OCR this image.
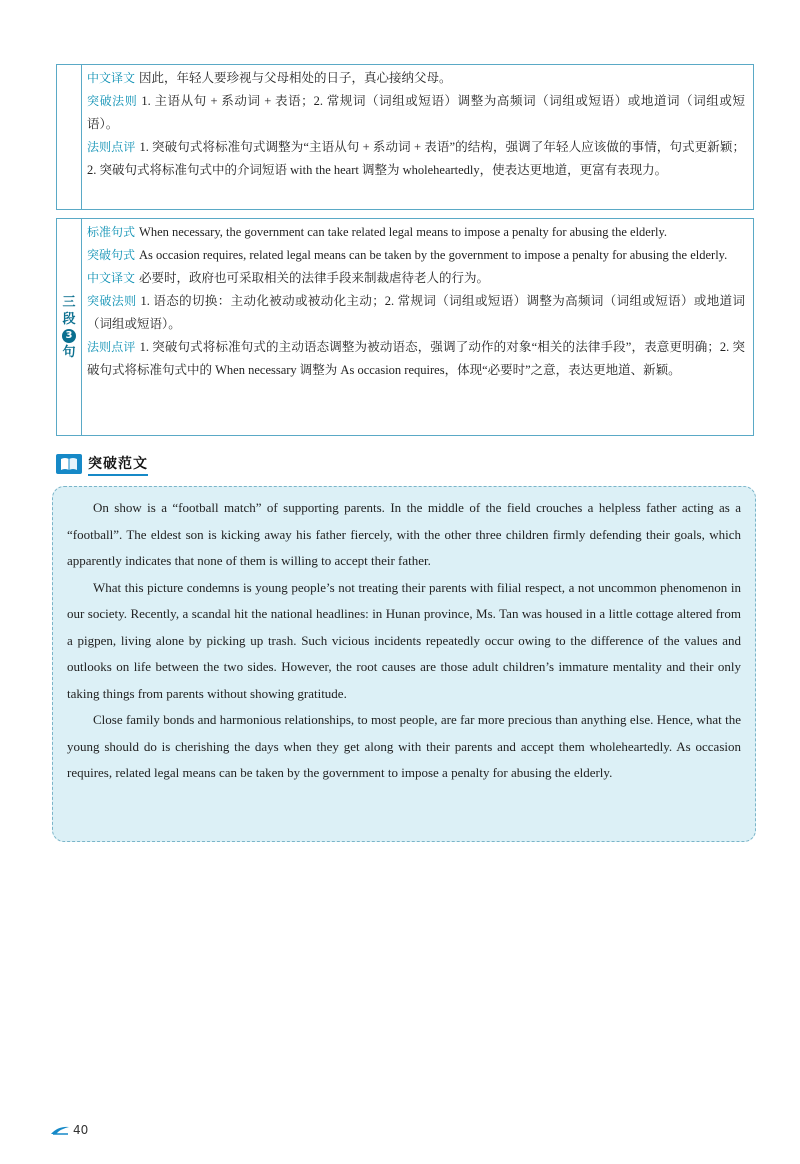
中文译文 因此，年轻人要珍视与父母相处的日子，真心接纳父母。

突破法则 1. 主语从句 + 系动词 + 表语；2. 常规词（词组或短语）调整为高频词（词组或短语）或地道词（词组或短语）。

法则点评 1. 突破句式将标准句式调整为“主语从句 + 系动词 + 表语”的结构，强调了年轻人应该做的事情，句式更新颖；2. 突破句式将标准句式中的介词短语 with the heart 调整为 wholeheartedly，使表达更地道，更富有表现力。

三
段
3
句

标准句式 When necessary, the government can take related legal means to impose a penalty for abusing the elderly.

突破句式 As occasion requires, related legal means can be taken by the government to impose a penalty for abusing the elderly.

中文译文 必要时，政府也可采取相关的法律手段来制裁虐待老人的行为。

突破法则 1. 语态的切换：主动化被动或被动化主动；2. 常规词（词组或短语）调整为高频词（词组或短语）或地道词（词组或短语）。

法则点评 1. 突破句式将标准句式的主动语态调整为被动语态，强调了动作的对象“相关的法律手段”，表意更明确；2. 突破句式将标准句式中的 When necessary 调整为 As occasion requires，体现“必要时”之意，表达更地道、新颖。

突破范文

On show is a “football match” of supporting parents. In the middle of the field crouches a helpless father acting as a “football”. The eldest son is kicking away his father fiercely, with the other three children firmly defending their goals, which apparently indicates that none of them is willing to accept their father.

What this picture condemns is young people’s not treating their parents with filial respect, a not uncommon phenomenon in our society. Recently, a scandal hit the national headlines: in Hunan province, Ms. Tan was housed in a little cottage altered from a pigpen, living alone by picking up trash. Such vicious incidents repeatedly occur owing to the difference of the values and outlooks on life between the two sides. However, the root causes are those adult children’s immature mentality and their only taking things from parents without showing gratitude.

Close family bonds and harmonious relationships, to most people, are far more precious than anything else. Hence, what the young should do is cherishing the days when they get along with their parents and accept them wholeheartedly. As occasion requires, related legal means can be taken by the government to impose a penalty for abusing the elderly.

40
